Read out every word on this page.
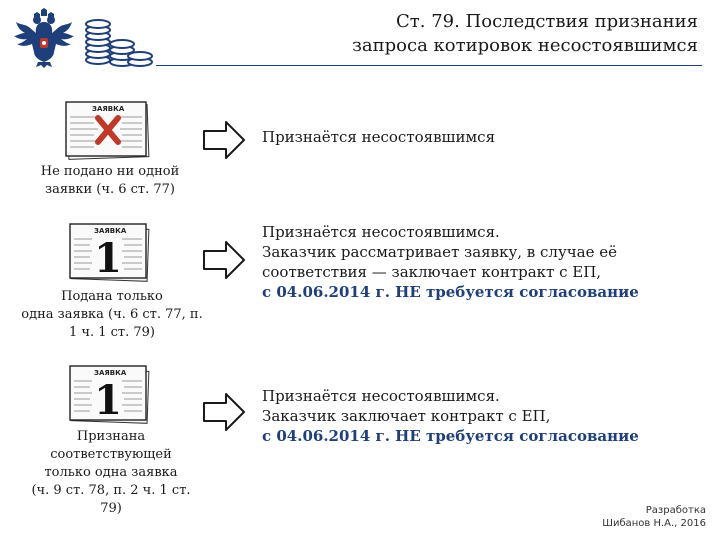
Ст. 79. Последствия признания
запроса котировок несостоявшимся
ЗАЯВКА
Не подано ни одной
заявки (ч. 6 ст. 77)
Признаётся несостоявшимся
ЗАЯВКА
1
Подана только
одна заявка (ч. 6 ст. 77, п.
1 ч. 1 ст. 79)
Признаётся несостоявшимся.
Заказчик рассматривает заявку, в случае её
соответствия — заключает контракт с ЕП,
с 04.06.2014 г. НЕ требуется согласование
ЗАЯВКА
1
Признана
соответствующей
только одна заявка
(ч. 9 ст. 78, п. 2 ч. 1 ст.
79)
Признаётся несостоявшимся.
Заказчик заключает контракт с ЕП,
с 04.06.2014 г. НЕ требуется согласование
Разработка
Шибанов Н.А., 2016
